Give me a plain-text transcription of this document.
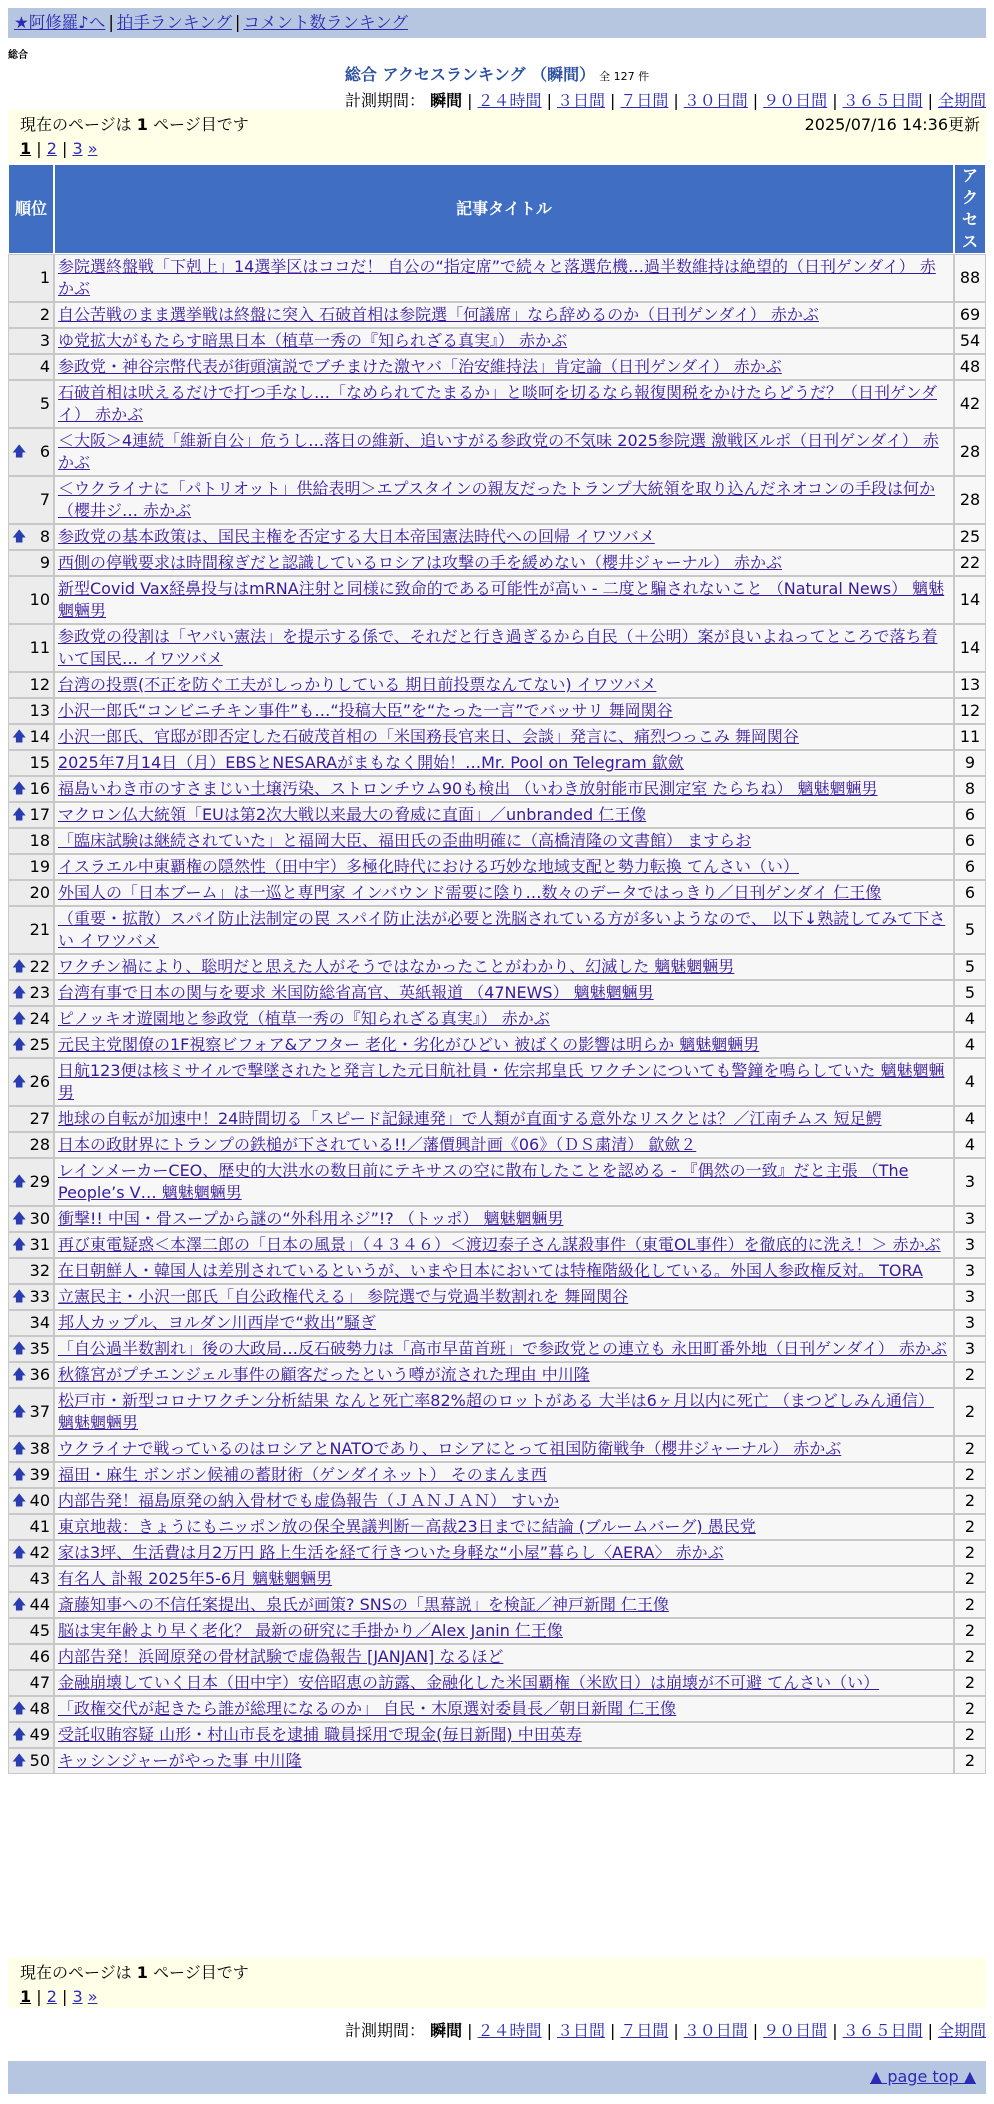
★阿修羅♪へ | 拍手ランキング | コメント数ランキング
総合
総合 アクセスランキング （瞬間） 全 127 件
計測期間： 瞬間 | ２４時間 | ３日間 | ７日間 | ３０日間 | ９０日間 | ３６５日間 | 全期間
現在のページは 1 ページ目です	2025/07/16 14:36更新
1 | 2 | 3 »
順位	記事タイトル	アクセス
1	参院選終盤戦「下剋上」14選挙区はココだ！ 自公の“指定席”で続々と落選危機…過半数維持は絶望的（日刊ゲンダイ） 赤かぶ	88
2	自公苦戦のまま選挙戦は終盤に突入 石破首相は参院選「何議席」なら辞めるのか（日刊ゲンダイ） 赤かぶ	69
3	ゆ党拡大がもたらす暗黒日本（植草一秀の『知られざる真実』） 赤かぶ	54
4	参政党・神谷宗幣代表が街頭演説でブチまけた激ヤバ「治安維持法」肯定論（日刊ゲンダイ） 赤かぶ	48
5	石破首相は吠えるだけで打つ手なし…「なめられてたまるか」と啖呵を切るなら報復関税をかけたらどうだ？（日刊ゲンダイ） 赤かぶ	42

🡅 6	＜大阪＞4連続「維新自公」危うし…落日の維新、追いすがる参政党の不気味 2025参院選 激戦区ルポ（日刊ゲンダイ） 赤かぶ	28
7	＜ウクライナに「パトリオット」供給表明＞エプスタインの親友だったトランプ大統領を取り込んだネオコンの手段は何か（櫻井ジ… 赤かぶ	28

🡅 8	参政党の基本政策は、国民主権を否定する大日本帝国憲法時代への回帰 イワツバメ	25
9	西側の停戦要求は時間稼ぎだと認識しているロシアは攻撃の手を緩めない（櫻井ジャーナル） 赤かぶ	22
10	新型Covid Vax経鼻投与はmRNA注射と同様に致命的である可能性が高い - 二度と騙されないこと （Natural News） 魑魅魍魎男	14
11	参政党の役割は「ヤバい憲法」を提示する係で、それだと行き過ぎるから自民（＋公明）案が良いよねってところで落ち着いて国民… イワツバメ	14
12	台湾の投票(不正を防ぐ工夫がしっかりしている 期日前投票なんてない) イワツバメ	13
13	小沢一郎氏“コンビニチキン事件”も…“投稿大臣”を“たった一言”でバッサリ 舞岡関谷	12

🡅 14	小沢一郎氏、官邸が即否定した石破茂首相の「米国務長官来日、会談」発言に、痛烈つっこみ 舞岡関谷	11
15	2025年7月14日（月）EBSとNESARAがまもなく開始！…Mr. Pool on Telegram 歙歛	9

🡅 16	福島いわき市のすさまじい土壌汚染、ストロンチウム90も検出 （いわき放射能市民測定室 たらちね） 魑魅魍魎男	8

🡅 17	マクロン仏大統領「EUは第2次大戦以来最大の脅威に直面」／unbranded 仁王像	6
18	「臨床試験は継続されていた」と福岡大臣、福田氏の歪曲明確に（高橋清隆の文書館） ますらお	6
19	イスラエル中東覇権の隠然性（田中宇）多極化時代における巧妙な地域支配と勢力転換 てんさい（い）	6
20	外国人の「日本ブーム」は一巡と専門家 インバウンド需要に陰り…数々のデータではっきり／日刊ゲンダイ 仁王像	6
21	（重要・拡散）スパイ防止法制定の罠 スパイ防止法が必要と洗脳されている方が多いようなので、 以下↓熟読してみて下さい イワツバメ	5

🡅 22	ワクチン禍により、聡明だと思えた人がそうではなかったことがわかり、幻滅した 魑魅魍魎男	5

🡅 23	台湾有事で日本の関与を要求 米国防総省高官、英紙報道 （47NEWS） 魑魅魍魎男	5

🡅 24	ピノッキオ遊園地と参政党（植草一秀の『知られざる真実』） 赤かぶ	4

🡅 25	元民主党閣僚の1F視察ビフォア&アフター 老化・劣化がひどい 被ばくの影響は明らか 魑魅魍魎男	4

🡅 26	日航123便は核ミサイルで撃墜されたと発言した元日航社員・佐宗邦皇氏 ワクチンについても警鐘を鳴らしていた 魑魅魍魎男	4
27	地球の自転が加速中！24時間切る「スピード記録連発」で人類が直面する意外なリスクとは？／江南チムス 短足鰐	4
28	日本の政財界にトランプの鉄槌が下されている!!／藩價興計画《06》（ＤＳ粛清） 歙歛２	4

🡅 29	レインメーカーCEO、歴史的大洪水の数日前にテキサスの空に散布したことを認める - 『偶然の一致』だと主張 （The People’s V… 魑魅魍魎男	3

🡅 30	衝撃!! 中国・骨スープから謎の“外科用ネジ”!? （トッポ） 魑魅魍魎男	3

🡅 31	再び東電疑惑＜本澤二郎の「日本の風景」（４３４６）＜渡辺泰子さん謀殺事件（東電OL事件）を徹底的に洗え！＞ 赤かぶ	3
32	在日朝鮮人・韓国人は差別されているというが、いまや日本においては特権階級化している。外国人参政権反対。 TORA	3

🡅 33	立憲民主・小沢一郎氏「自公政権代える」 参院選で与党過半数割れを 舞岡関谷	3
34	邦人カップル、ヨルダン川西岸で“救出”騒ぎ	3

🡅 35	「自公過半数割れ」後の大政局…反石破勢力は「高市早苗首班」で参政党との連立も 永田町番外地（日刊ゲンダイ） 赤かぶ	3

🡅 36	秋篠宮がプチエンジェル事件の顧客だったという噂が流された理由 中川隆	2

🡅 37	松戸市・新型コロナワクチン分析結果 なんと死亡率82%超のロットがある 大半は6ヶ月以内に死亡 （まつどしみん通信） 魑魅魍魎男	2

🡅 38	ウクライナで戦っているのはロシアとNATOであり、ロシアにとって祖国防衛戦争（櫻井ジャーナル） 赤かぶ	2

🡅 39	福田・麻生 ボンボン候補の蓄財術（ゲンダイネット） そのまんま西	2

🡅 40	内部告発！福島原発の納入骨材でも虚偽報告（ＪＡＮＪＡＮ） すいか	2
41	東京地裁：きょうにもニッポン放の保全異議判断－高裁23日までに結論 (ブルームバーグ) 愚民党	2

🡅 42	家は3坪、生活費は月2万円 路上生活を経て行きついた身軽な“小屋”暮らし〈AERA〉 赤かぶ	2
43	有名人 訃報 2025年5-6月 魑魅魍魎男	2

🡅 44	斎藤知事への不信任案提出、泉氏が画策? SNSの「黒幕説」を検証／神戸新聞 仁王像	2
45	脳は実年齢より早く老化？ 最新の研究に手掛かり／Alex Janin 仁王像	2
46	内部告発！浜岡原発の骨材試験で虚偽報告 [JANJAN] なるほど	2
47	金融崩壊していく日本（田中宇）安倍昭恵の訪露、金融化した米国覇権（米欧日）は崩壊が不可避 てんさい（い）	2

🡅 48	「政権交代が起きたら誰が総理になるのか」 自民・木原選対委員長／朝日新聞 仁王像	2

🡅 49	受託収賄容疑 山形・村山市長を逮捕 職員採用で現金(毎日新聞) 中田英寿	2

🡅 50	キッシンジャーがやった事 中川隆	2
現在のページは 1 ページ目です
1 | 2 | 3 »
計測期間： 瞬間 | ２４時間 | ３日間 | ７日間 | ３０日間 | ９０日間 | ３６５日間 | 全期間
▲ page top ▲
